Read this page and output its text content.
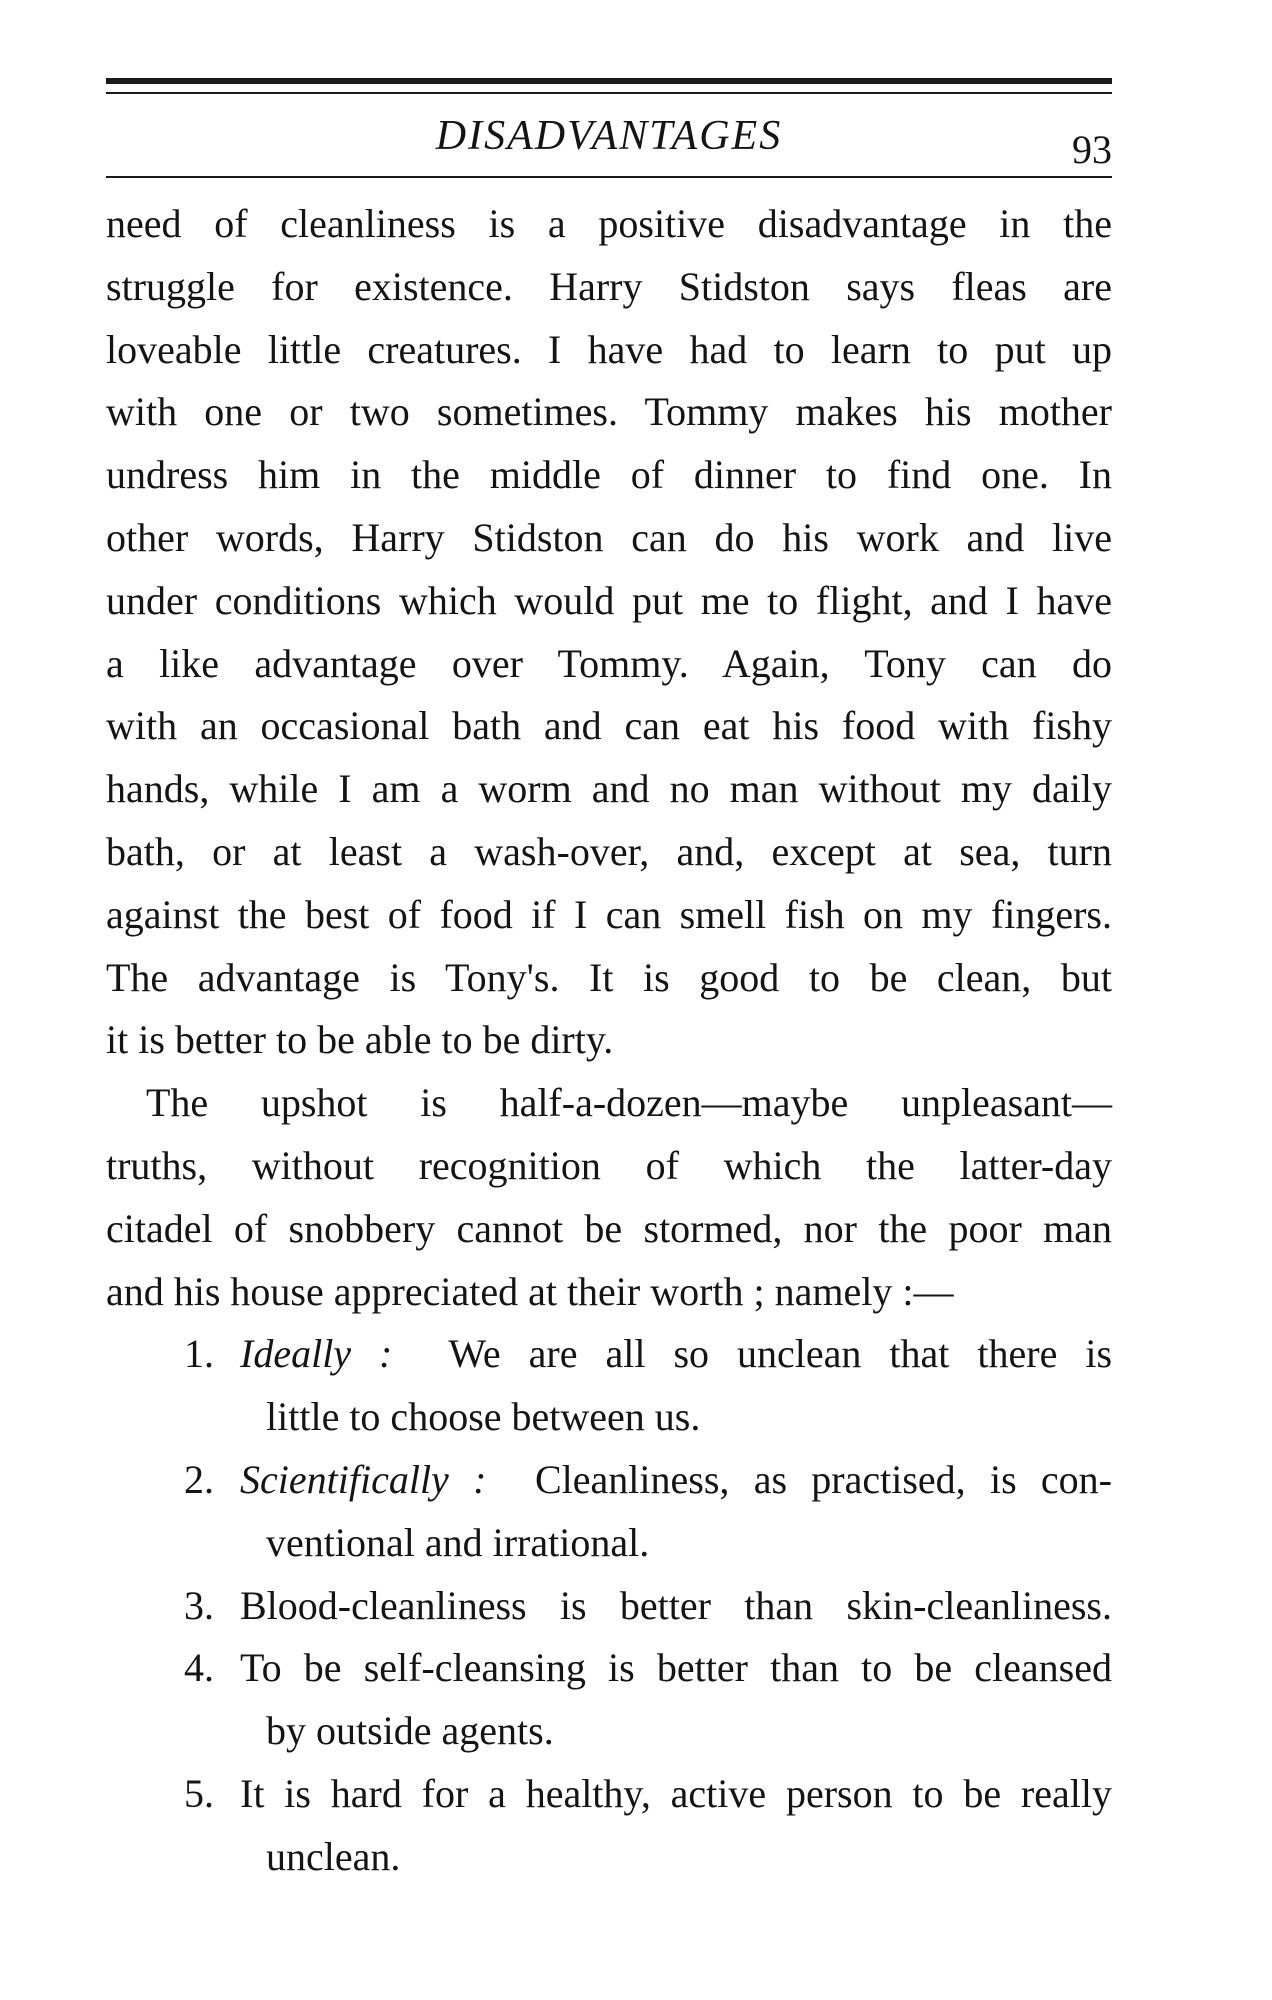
DISADVANTAGES	93
need of cleanliness is a positive disadvantage in the
struggle for existence. Harry Stidston says fleas are
loveable little creatures. I have had to learn to put up
with one or two sometimes. Tommy makes his mother
undress him in the middle of dinner to find one. In
other words, Harry Stidston can do his work and live
under conditions which would put me to flight, and I have
a like advantage over Tommy. Again, Tony can do
with an occasional bath and can eat his food with fishy
hands, while I am a worm and no man without my daily
bath, or at least a wash-over, and, except at sea, turn
against the best of food if I can smell fish on my fingers.
The advantage is Tony's. It is good to be clean, but
it is better to be able to be dirty.
The upshot is half-a-dozen—maybe unpleasant—
truths, without recognition of which the latter-day
citadel of snobbery cannot be stormed, nor the poor man
and his house appreciated at their worth ; namely :—
1. Ideally : We are all so unclean that there is
little to choose between us.
2. Scientifically : Cleanliness, as practised, is con-
ventional and irrational.
3. Blood-cleanliness is better than skin-cleanliness.
4. To be self-cleansing is better than to be cleansed
by outside agents.
5. It is hard for a healthy, active person to be really
unclean.
